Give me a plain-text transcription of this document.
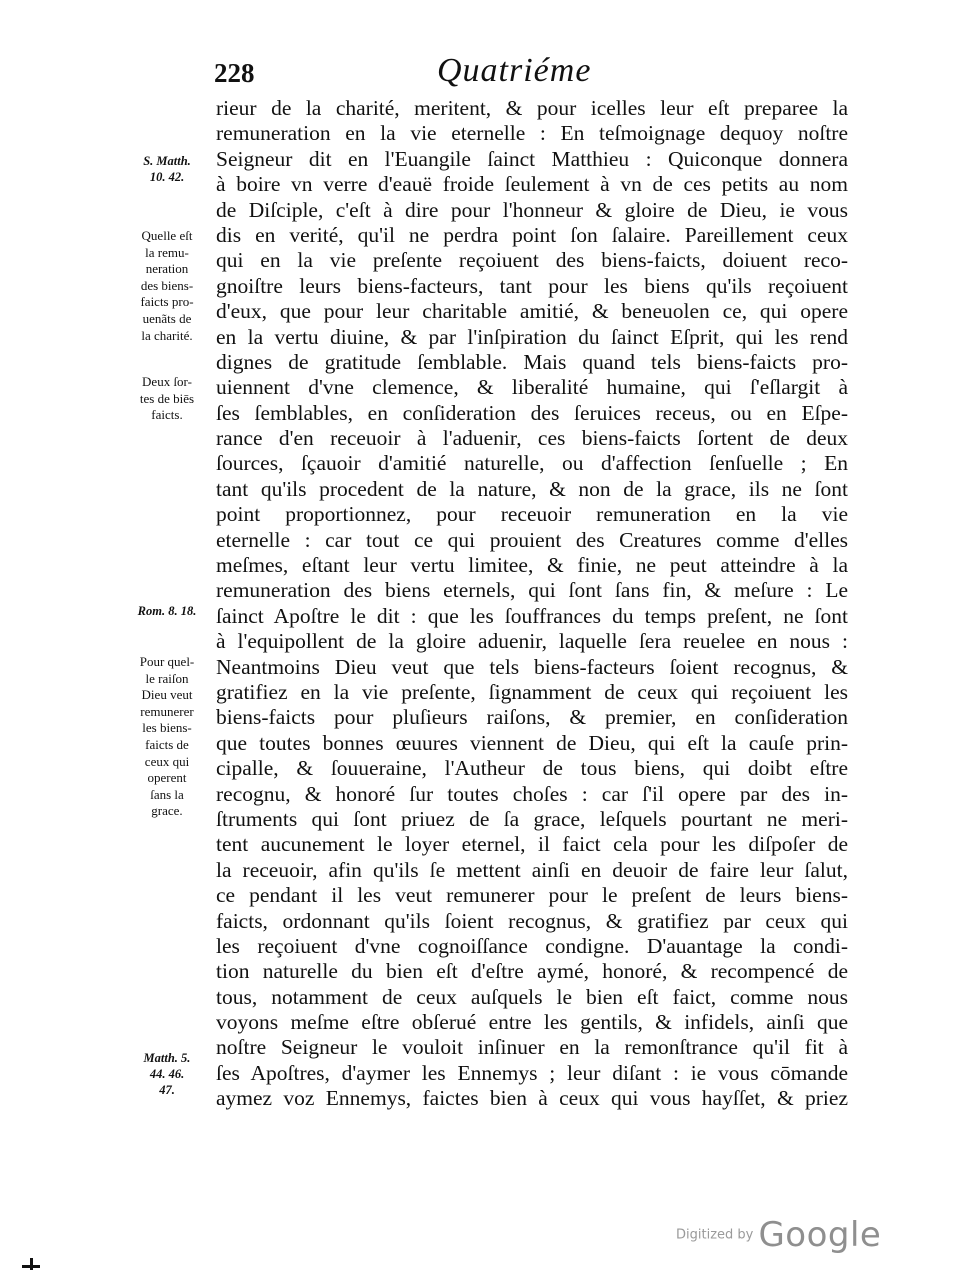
228	Quatriéme
rieur de la charité, meritent, & pour icelles leur eſt preparee la
remuneration en la vie eternelle : En teſmoignage dequoy noſtre
Seigneur dit en l'Euangile ſainct Matthieu : Quiconque donnera
à boire vn verre d'eauë froide ſeulement à vn de ces petits au nom
de Diſciple, c'eſt à dire pour l'honneur & gloire de Dieu, ie vous
dis en verité, qu'il ne perdra point ſon ſalaire. Pareillement ceux
qui en la vie preſente reçoiuent des biens-faicts, doiuent reco-
gnoiſtre leurs biens-facteurs, tant pour les biens qu'ils reçoiuent
d'eux, que pour leur charitable amitié, & beneuolen ce, qui opere
en la vertu diuine, & par l'inſpiration du ſainct Eſprit, qui les rend
dignes de gratitude ſemblable. Mais quand tels biens-faicts pro-
uiennent d'vne clemence, & liberalité humaine, qui ſ'eſlargit à
ſes ſemblables, en conſideration des ſeruices receus, ou en Eſpe-
rance d'en receuoir à l'aduenir, ces biens-faicts ſortent de deux
ſources, ſçauoir d'amitié naturelle, ou d'affection ſenſuelle ; En
tant qu'ils procedent de la nature, & non de la grace, ils ne ſont
point proportionnez, pour receuoir remuneration en la vie
eternelle : car tout ce qui prouient des Creatures comme d'elles
meſmes, eſtant leur vertu limitee, & finie, ne peut atteindre à la
remuneration des biens eternels, qui ſont ſans fin, & meſure : Le
ſainct Apoſtre le dit : que les ſouffrances du temps preſent, ne ſont
à l'equipollent de la gloire aduenir, laquelle ſera reuelee en nous :
Neantmoins Dieu veut que tels biens-facteurs ſoient recognus, &
gratifiez en la vie preſente, ſignamment de ceux qui reçoiuent les
biens-faicts pour pluſieurs raiſons, & premier, en conſideration
que toutes bonnes œuures viennent de Dieu, qui eſt la cauſe prin-
cipalle, & ſouueraine, l'Autheur de tous biens, qui doibt eſtre
recognu, & honoré ſur toutes choſes : car ſ'il opere par des in-
ſtruments qui ſont priuez de ſa grace, leſquels pourtant ne meri-
tent aucunement le loyer eternel, il faict cela pour les diſpoſer de
la receuoir, afin qu'ils ſe mettent ainſi en deuoir de faire leur ſalut,
ce pendant il les veut remunerer pour le preſent de leurs biens-
faicts, ordonnant qu'ils ſoient recognus, & gratifiez par ceux qui
les reçoiuent d'vne cognoiſſance condigne. D'auantage la condi-
tion naturelle du bien eſt d'eſtre aymé, honoré, & recompencé de
tous, notamment de ceux auſquels le bien eſt faict, comme nous
voyons meſme eſtre obſerué entre les gentils, & infidels, ainſi que
noſtre Seigneur le vouloit inſinuer en la remonſtrance qu'il fit à
ſes Apoſtres, d'aymer les Ennemys ; leur diſant : ie vous cōmande
aymez voz Ennemys, faictes bien à ceux qui vous hayſſet, & priez
S. Matth.
10. 42.
Quelle eſt
la remu-
neration
des biens-
faicts pro-
uenãts de
la charité.
Deux ſor-
tes de biēs
faicts.
Rom. 8. 18.
Pour quel-
le raiſon
Dieu veut
remunerer
les biens-
faicts de
ceux qui
operent
ſans la
grace.
Matth. 5.
44. 46.
47.
Digitized by Google
